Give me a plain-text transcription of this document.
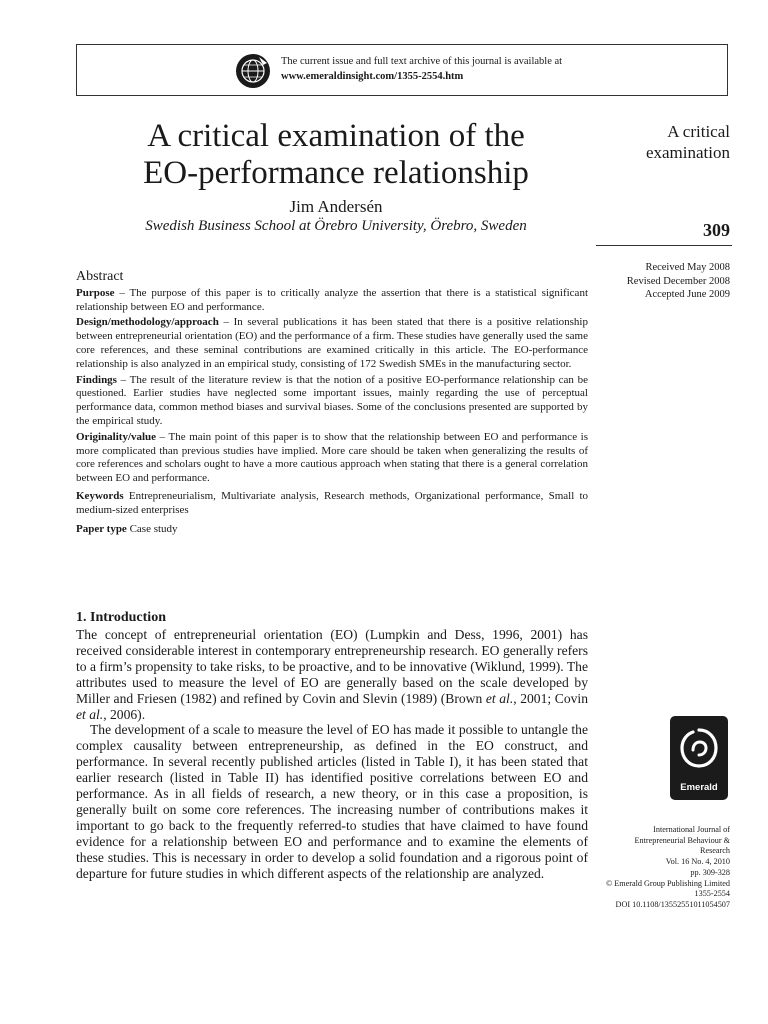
The current issue and full text archive of this journal is available at
www.emeraldinsight.com/1355-2554.htm
A critical examination of the
EO-performance relationship
Jim Andersén
Swedish Business School at Örebro University, Örebro, Sweden
A critical
examination
309
Received May 2008
Revised December 2008
Accepted June 2009
Abstract

Purpose – The purpose of this paper is to critically analyze the assertion that there is a statistical significant relationship between EO and performance.

Design/methodology/approach – In several publications it has been stated that there is a positive relationship between entrepreneurial orientation (EO) and the performance of a firm. These studies have generally used the same core references, and these seminal contributions are examined critically in this article. The EO-performance relationship is also analyzed in an empirical study, consisting of 172 Swedish SMEs in the manufacturing sector.

Findings – The result of the literature review is that the notion of a positive EO-performance relationship can be questioned. Earlier studies have neglected some important issues, mainly regarding the use of perceptual performance data, common method biases and survival biases. Some of the conclusions presented are supported by the empirical study.

Originality/value – The main point of this paper is to show that the relationship between EO and performance is more complicated than previous studies have implied. More care should be taken when generalizing the results of core references and scholars ought to have a more cautious approach when stating that there is a general correlation between EO and performance.

Keywords Entrepreneurialism, Multivariate analysis, Research methods, Organizational performance, Small to medium-sized enterprises

Paper type Case study

1. Introduction

The concept of entrepreneurial orientation (EO) (Lumpkin and Dess, 1996, 2001) has received considerable interest in contemporary entrepreneurship research. EO generally refers to a firm’s propensity to take risks, to be proactive, and to be innovative (Wiklund, 1999). The attributes used to measure the level of EO are generally based on the scale developed by Miller and Friesen (1982) and refined by Covin and Slevin (1989) (Brown et al., 2001; Covin et al., 2006).

The development of a scale to measure the level of EO has made it possible to untangle the complex causality between entrepreneurship, as defined in the EO construct, and performance. In several recently published articles (listed in Table I), it has been stated that earlier research (listed in Table II) has identified positive correlations between EO and performance. As in all fields of research, a new theory, or in this case a proposition, is generally built on some core references. The increasing number of contributions makes it important to go back to the frequently referred-to studies that have claimed to have found evidence for a relationship between EO and performance and to examine the elements of these studies. This is necessary in order to develop a solid foundation and a rigorous point of departure for future studies in which different aspects of the relationship are analyzed.

Emerald
International Journal of
Entrepreneurial Behaviour &
Research
Vol. 16 No. 4, 2010
pp. 309-328
© Emerald Group Publishing Limited
1355-2554
DOI 10.1108/13552551011054507
